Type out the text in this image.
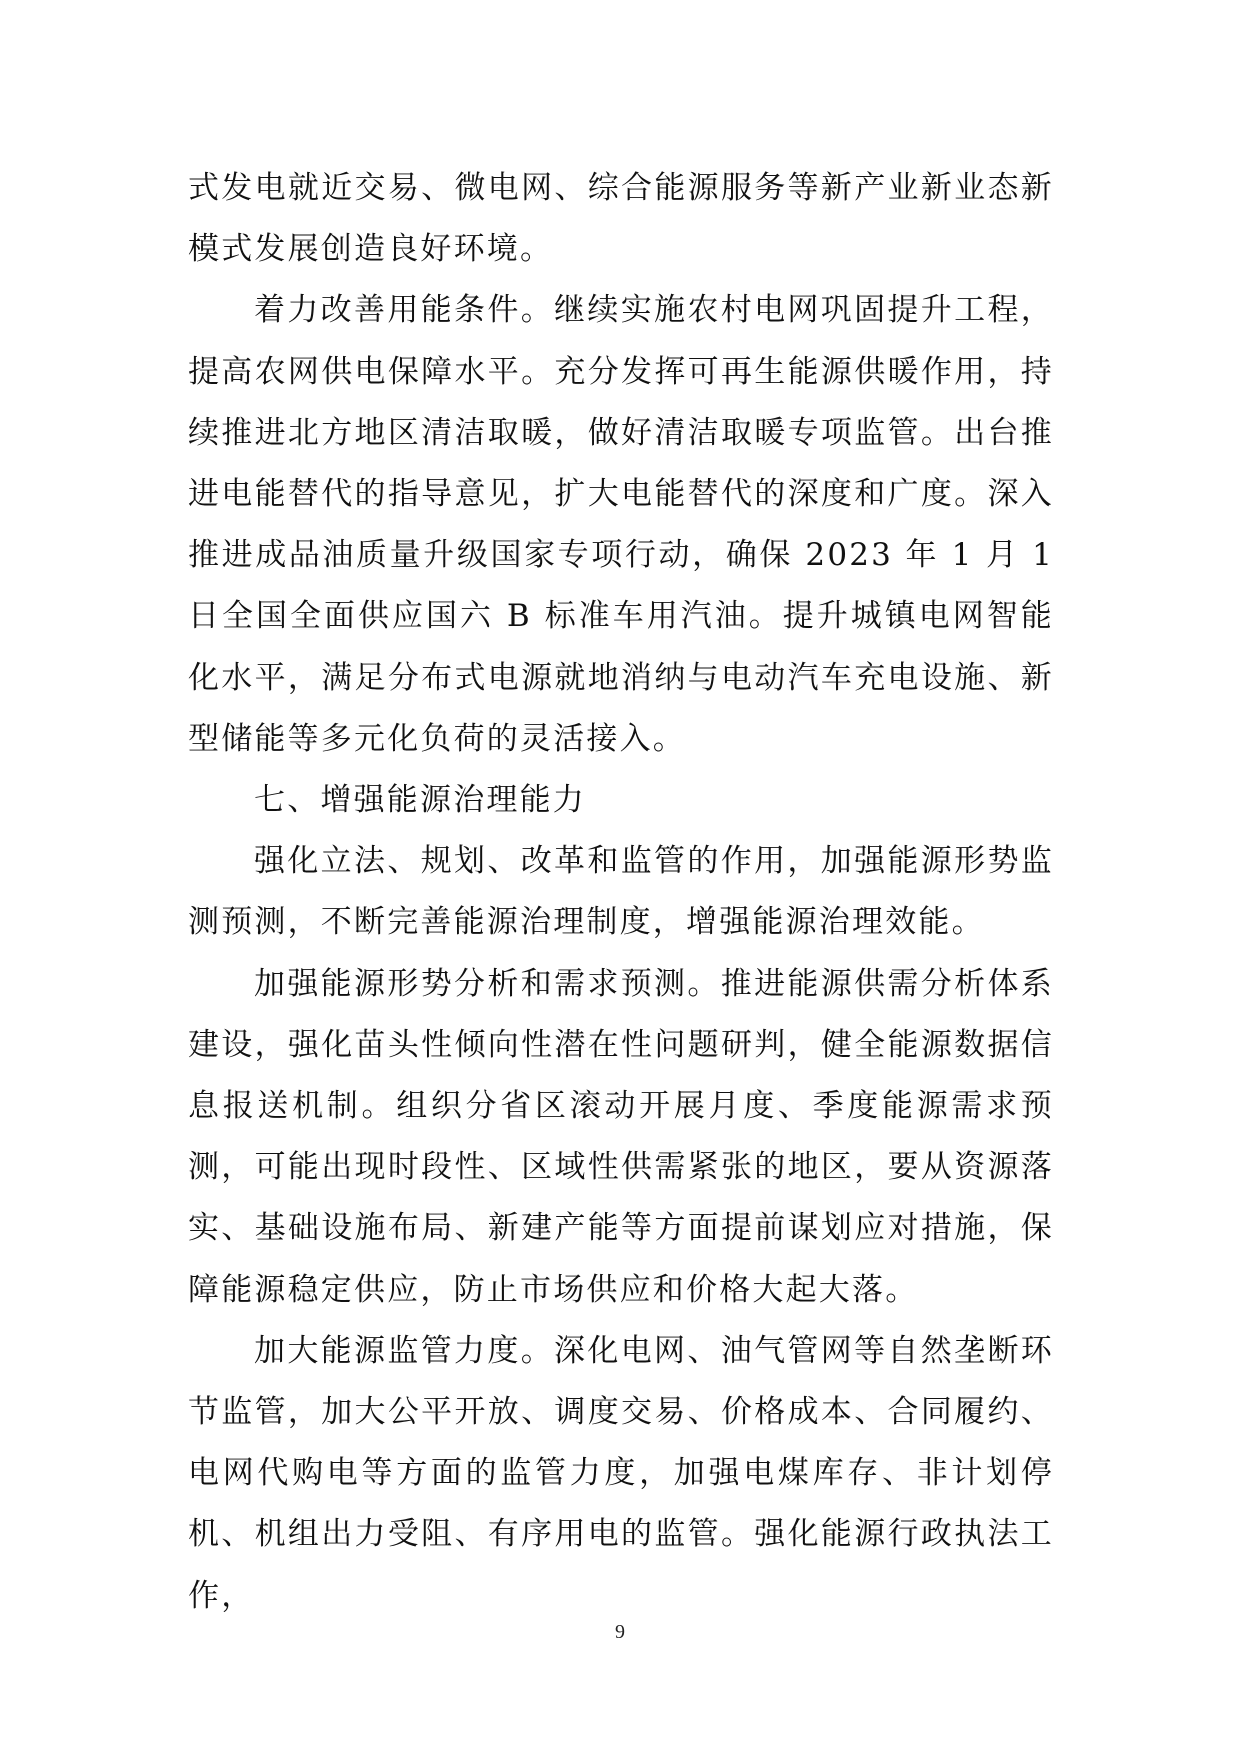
式发电就近交易、微电网、综合能源服务等新产业新业态新模式发展创造良好环境。

着力改善用能条件。继续实施农村电网巩固提升工程，提高农网供电保障水平。充分发挥可再生能源供暖作用，持续推进北方地区清洁取暖，做好清洁取暖专项监管。出台推进电能替代的指导意见，扩大电能替代的深度和广度。深入推进成品油质量升级国家专项行动，确保 2023 年 1 月 1 日全国全面供应国六 B 标准车用汽油。提升城镇电网智能化水平，满足分布式电源就地消纳与电动汽车充电设施、新型储能等多元化负荷的灵活接入。

七、增强能源治理能力

强化立法、规划、改革和监管的作用，加强能源形势监测预测，不断完善能源治理制度，增强能源治理效能。

加强能源形势分析和需求预测。推进能源供需分析体系建设，强化苗头性倾向性潜在性问题研判，健全能源数据信息报送机制。组织分省区滚动开展月度、季度能源需求预测，可能出现时段性、区域性供需紧张的地区，要从资源落实、基础设施布局、新建产能等方面提前谋划应对措施，保障能源稳定供应，防止市场供应和价格大起大落。

加大能源监管力度。深化电网、油气管网等自然垄断环节监管，加大公平开放、调度交易、价格成本、合同履约、电网代购电等方面的监管力度，加强电煤库存、非计划停机、机组出力受阻、有序用电的监管。强化能源行政执法工作，

9
